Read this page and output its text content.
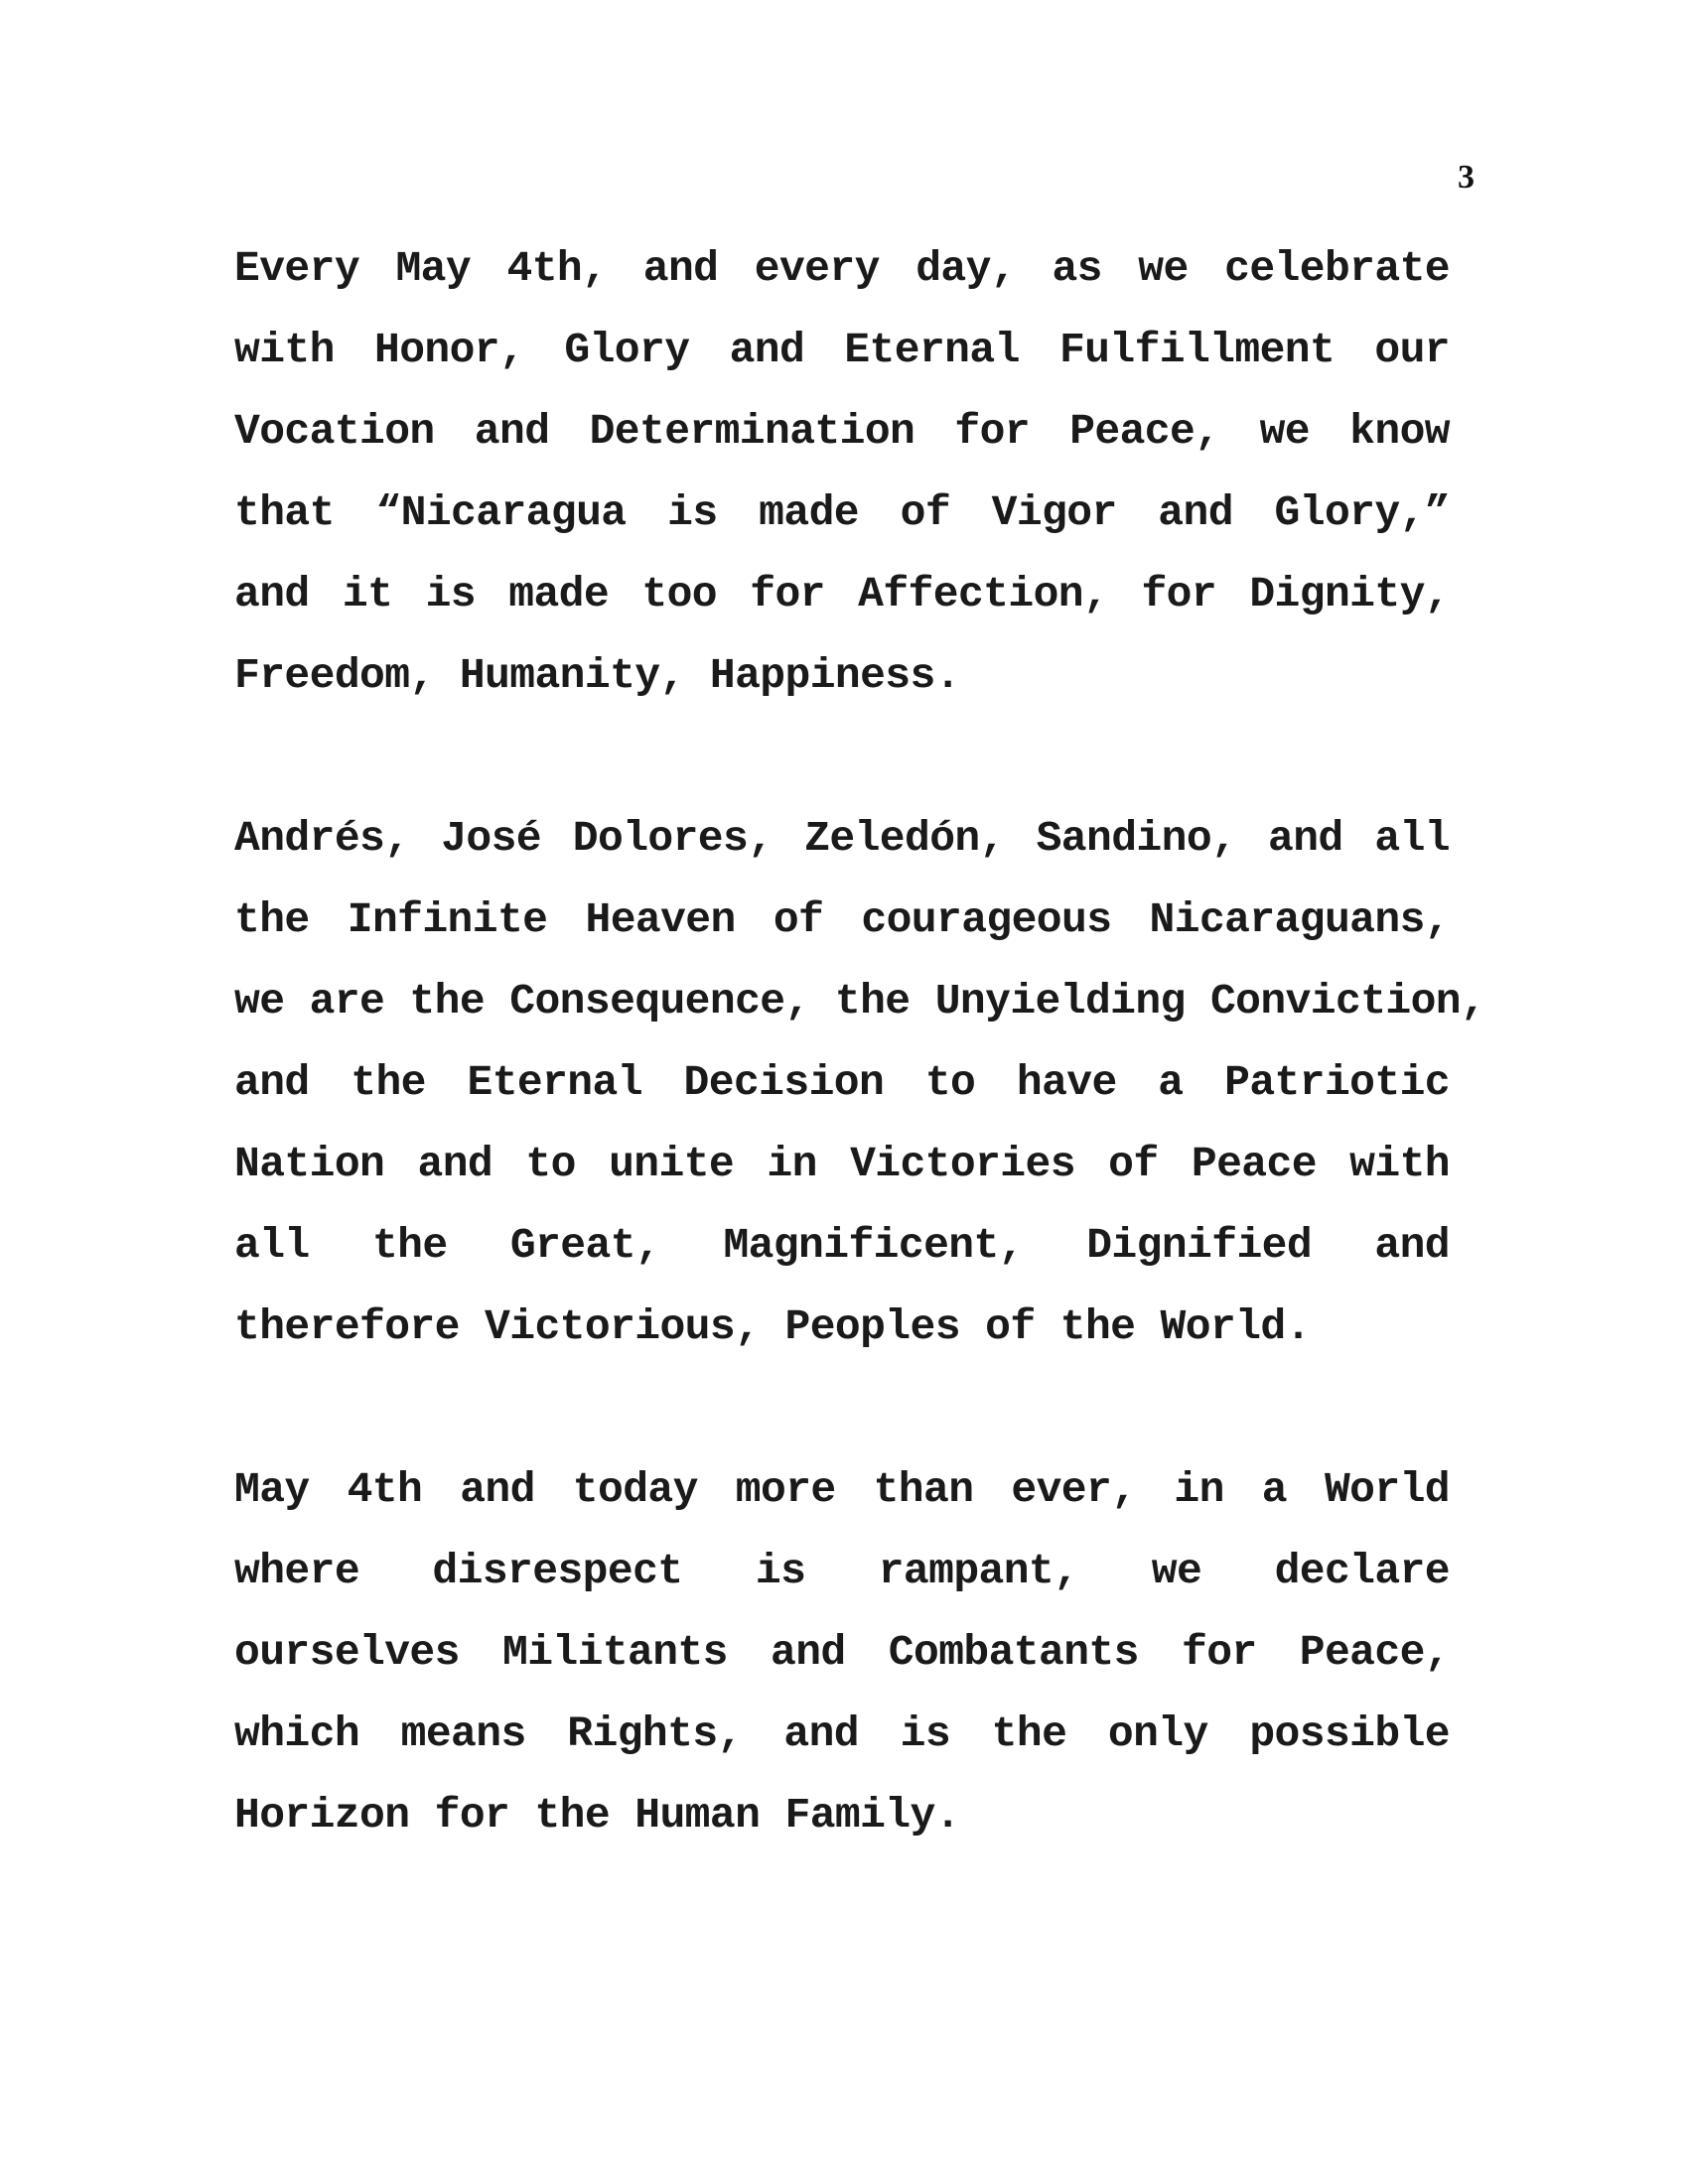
3
Every May 4th, and every day, as we celebrate
with Honor, Glory and Eternal Fulfillment our
Vocation and Determination for Peace, we know
that “Nicaragua is made of Vigor and Glory,”
and it is made too for Affection, for Dignity,
Freedom, Humanity, Happiness.
Andrés, José Dolores, Zeledón, Sandino, and all
the Infinite Heaven of courageous Nicaraguans,
we are the Consequence, the Unyielding Conviction,
and the Eternal Decision to have a Patriotic
Nation and to unite in Victories of Peace with
all the Great, Magnificent, Dignified and
therefore Victorious, Peoples of the World.
May 4th and today more than ever, in a World
where disrespect is rampant, we declare
ourselves Militants and Combatants for Peace,
which means Rights, and is the only possible
Horizon for the Human Family.
